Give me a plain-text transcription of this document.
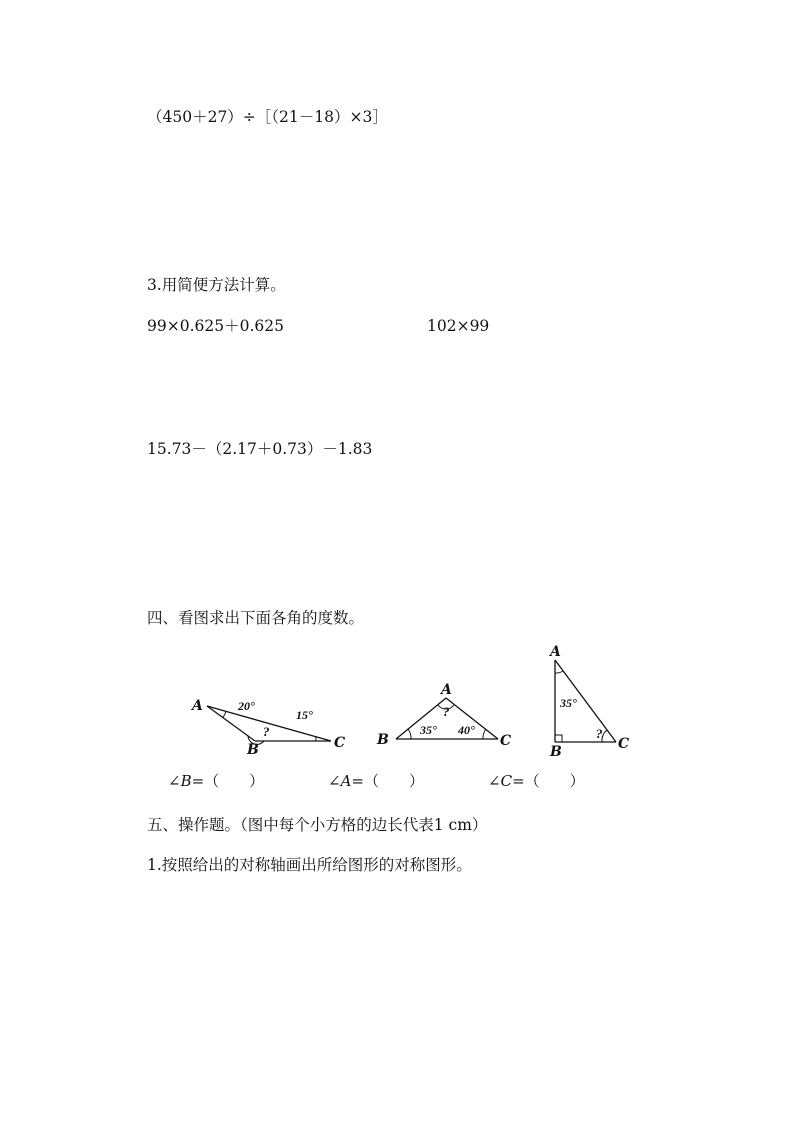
（450＋27）÷［（21－18）×3］
3.用简便方法计算。
99×0.625＋0.625	102×99
15.73－（2.17＋0.73）－1.83
四、看图求出下面各角的度数。
A
B	C
20°
15°
?
A
B	C
35° 40°
?
A
B	C
35°
?
∠B=（　　）	∠A=（　　）	∠C=（　　）
五、操作题。（图中每个小方格的边长代表1 cm）
1.按照给出的对称轴画出所给图形的对称图形。
